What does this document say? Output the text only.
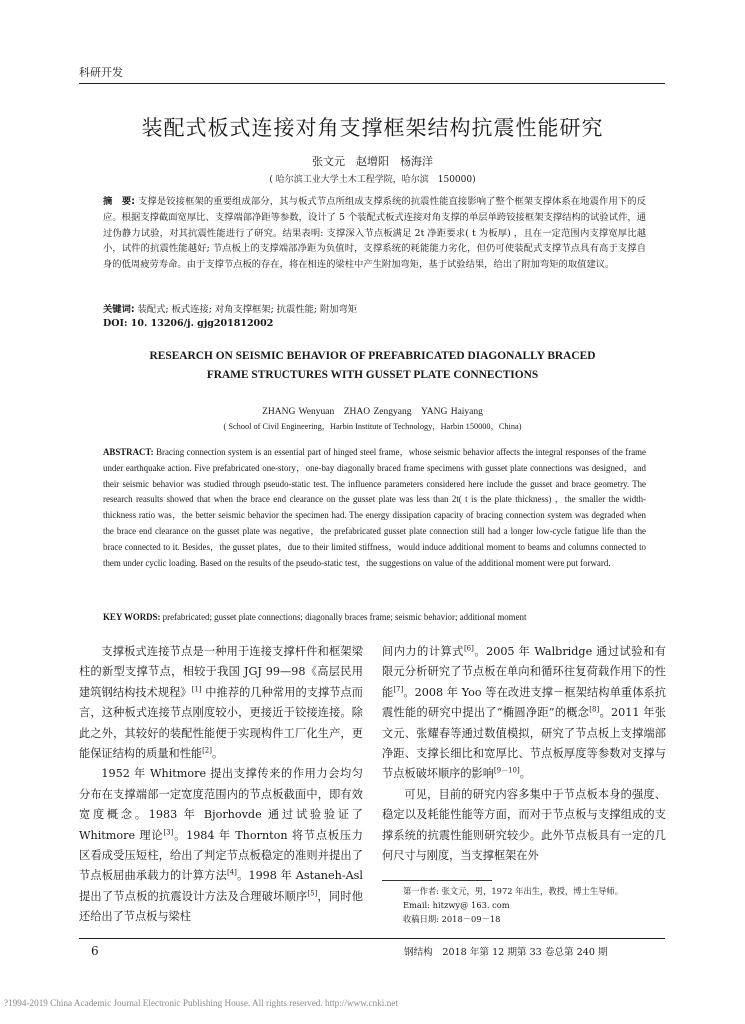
科研开发
装配式板式连接对角支撑框架结构抗震性能研究
张文元　赵增阳　杨海洋
( 哈尔滨工业大学土木工程学院，哈尔滨　150000)
摘　要: 支撑是铰接框架的重要组成部分，其与板式节点所组成支撑系统的抗震性能直接影响了整个框架支撑体系在地震作用下的反应。根据支撑截面宽厚比、支撑端部净距等参数，设计了 5 个装配式板式连接对角支撑的单层单跨铰接框架支撑结构的试验试件，通过伪静力试验，对其抗震性能进行了研究。结果表明: 支撑深入节点板满足 2t 净距要求( t 为板厚) ，且在一定范围内支撑宽厚比越小，试件的抗震性能越好; 节点板上的支撑端部净距为负值时，支撑系统的耗能能力劣化，但仍可使装配式支撑节点具有高于支撑自身的低周疲劳寿命。由于支撑节点板的存在，将在相连的梁柱中产生附加弯矩，基于试验结果，给出了附加弯矩的取值建议。
关键词: 装配式; 板式连接; 对角支撑框架; 抗震性能; 附加弯矩
DOI: 10. 13206/j. gjg201812002
RESEARCH ON SEISMIC BEHAVIOR OF PREFABRICATED DIAGONALLY BRACED
FRAME STRUCTURES WITH GUSSET PLATE CONNECTIONS
ZHANG Wenyuan　ZHAO Zengyang　YANG Haiyang
( School of Civil Engineering，Harbin Institute of Technology，Harbin 150000，China)
ABSTRACT: Bracing connection system is an essential part of hinged steel frame，whose seismic behavior affects the integral responses of the frame under earthquake action. Five prefabricated one-story，one-bay diagonally braced frame specimens with gusset plate connections was designed，and their seismic behavior was studied through pseudo-static test. The influence parameters considered here include the gusset and brace geometry. The research reasults showed that when the brace end clearance on the gusset plate was less than 2t( t is the plate thickness) ，the smaller the width-thickness ratio was，the better seismic behavior the specimen had. The energy dissipation capacity of bracing connection system was degraded when the brace end clearance on the gusset plate was negative，the prefabricated gusset plate connection still had a longer low-cycle fatigue life than the brace connected to it. Besides，the gusset plates，due to their limited stiffness，would induce additional moment to beams and columns connected to them under cyclic loading. Based on the results of the pseudo-static test，the suggestions on value of the additional moment were put forward.
KEY WORDS: prefabricated; gusset plate connections; diagonally braces frame; seismic behavior; additional moment

支撑板式连接节点是一种用于连接支撑杆件和框架梁柱的新型支撑节点，相较于我国 JGJ 99—98《高层民用建筑钢结构技术规程》[1] 中推荐的几种常用的支撑节点而言，这种板式连接节点刚度较小，更接近于铰接连接。除此之外，其较好的装配性能便于实现构件工厂化生产，更能保证结构的质量和性能[2]。

1952 年 Whitmore 提出支撑传来的作用力会均匀分布在支撑端部一定宽度范围内的节点板截面中，即有效宽度概念。1983 年 Bjorhovde 通过试验验证了 Whitmore 理论[3]。1984 年 Thornton 将节点板压力区看成受压短柱，给出了判定节点板稳定的准则并提出了节点板屈曲承载力的计算方法[4]。1998 年 Astaneh-Asl 提出了节点板的抗震设计方法及合理破坏顺序[5]，同时他还给出了节点板与梁柱

间内力的计算式[6]。2005 年 Walbridge 通过试验和有限元分析研究了节点板在单向和循环往复荷载作用下的性能[7]。2008 年 Yoo 等在改进支撑－框架结构单重体系抗震性能的研究中提出了“椭圆净距”的概念[8]。2011 年张文元、张耀春等通过数值模拟，研究了节点板上支撑端部净距、支撑长细比和宽厚比、节点板厚度等参数对支撑与节点板破坏顺序的影响[9－10]。

可见，目前的研究内容多集中于节点板本身的强度、稳定以及耗能性能等方面，而对于节点板与支撑组成的支撑系统的抗震性能则研究较少。此外节点板具有一定的几何尺寸与刚度，当支撑框架在外

第一作者: 张文元，男，1972 年出生，教授，博士生导师。
Email: hitzwy@ 163. com
收稿日期: 2018－09－18
6	钢结构　2018 年第 12 期第 33 卷总第 240 期
?1994-2019 China Academic Journal Electronic Publishing House. All rights reserved. http://www.cnki.net
